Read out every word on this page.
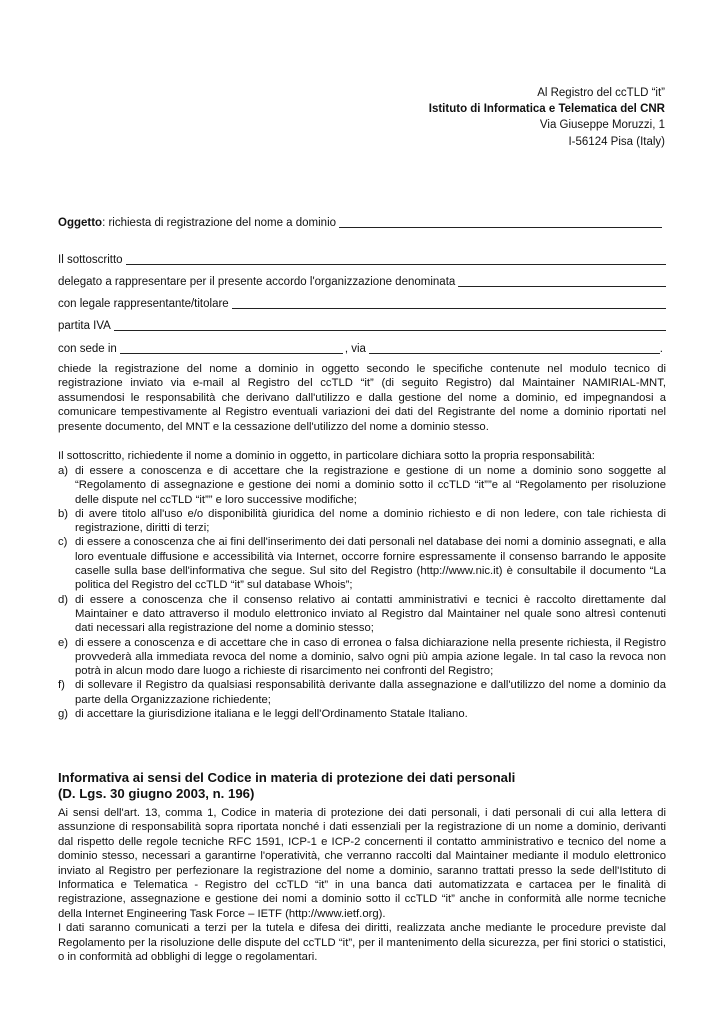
Al Registro del ccTLD “it”
Istituto di Informatica e Telematica del CNR
Via Giuseppe Moruzzi, 1
I-56124 Pisa (Italy)
Oggetto : richiesta di registrazione del nome a dominio
Il sottoscritto
delegato a rappresentare per il presente accordo l'organizzazione denominata
con legale rappresentante/titolare
partita IVA
con sede in	, via	.

chiede la registrazione del nome a dominio in oggetto secondo le specifiche contenute nel modulo tecnico di registrazione inviato via e-mail al Registro del ccTLD “it” (di seguito Registro) dal Maintainer NAMIRIAL-MNT, assumendosi le responsabilità che derivano dall'utilizzo e dalla gestione del nome a dominio, ed impegnandosi a comunicare tempestivamente al Registro eventuali variazioni dei dati del Registrante del nome a dominio riportati nel presente documento, del MNT e la cessazione dell'utilizzo del nome a dominio stesso.

Il sottoscritto, richiedente il nome a dominio in oggetto, in particolare dichiara sotto la propria responsabilità:

a) di essere a conoscenza e di accettare che la registrazione e gestione di un nome a dominio sono soggette al “Regolamento di assegnazione e gestione dei nomi a dominio sotto il ccTLD “it””e al “Regolamento per risoluzione delle dispute nel ccTLD “it”” e loro successive modifiche;
b) di avere titolo all'uso e/o disponibilità giuridica del nome a dominio richiesto e di non ledere, con tale richiesta di registrazione, diritti di terzi;
c) di essere a conoscenza che ai fini dell'inserimento dei dati personali nel database dei nomi a dominio assegnati, e alla loro eventuale diffusione e accessibilità via Internet, occorre fornire espressamente il consenso barrando le apposite caselle sulla base dell'informativa che segue. Sul sito del Registro (http://www.nic.it) è consultabile il documento “La politica del Registro del ccTLD “it” sul database Whois”;
d) di essere a conoscenza che il consenso relativo ai contatti amministrativi e tecnici è raccolto direttamente dal Maintainer e dato attraverso il modulo elettronico inviato al Registro dal Maintainer nel quale sono altresì contenuti dati necessari alla registrazione del nome a dominio stesso;
e) di essere a conoscenza e di accettare che in caso di erronea o falsa dichiarazione nella presente richiesta, il Registro provvederà alla immediata revoca del nome a dominio, salvo ogni più ampia azione legale. In tal caso la revoca non potrà in alcun modo dare luogo a richieste di risarcimento nei confronti del Registro;
f) di sollevare il Registro da qualsiasi responsabilità derivante dalla assegnazione e dall'utilizzo del nome a dominio da parte della Organizzazione richiedente;
g) di accettare la giurisdizione italiana e le leggi dell'Ordinamento Statale Italiano.
Informativa ai sensi del Codice in materia di protezione dei dati personali
(D. Lgs. 30 giugno 2003, n. 196)

Ai sensi dell'art. 13, comma 1, Codice in materia di protezione dei dati personali, i dati personali di cui alla lettera di assunzione di responsabilità sopra riportata nonché i dati essenziali per la registrazione di un nome a dominio, derivanti dal rispetto delle regole tecniche RFC 1591, ICP-1 e ICP-2 concernenti il contatto amministrativo e tecnico del nome a dominio stesso, necessari a garantirne l'operatività, che verranno raccolti dal Maintainer mediante il modulo elettronico inviato al Registro per perfezionare la registrazione del nome a dominio, saranno trattati presso la sede dell'Istituto di Informatica e Telematica - Registro del ccTLD “it” in una banca dati automatizzata e cartacea per le finalità di registrazione, assegnazione e gestione dei nomi a dominio sotto il ccTLD “it” anche in conformità alle norme tecniche della Internet Engineering Task Force – IETF (http://www.ietf.org).

I dati saranno comunicati a terzi per la tutela e difesa dei diritti, realizzata anche mediante le procedure previste dal Regolamento per la risoluzione delle dispute del ccTLD “it”, per il mantenimento della sicurezza, per fini storici o statistici, o in conformità ad obblighi di legge o regolamentari.
